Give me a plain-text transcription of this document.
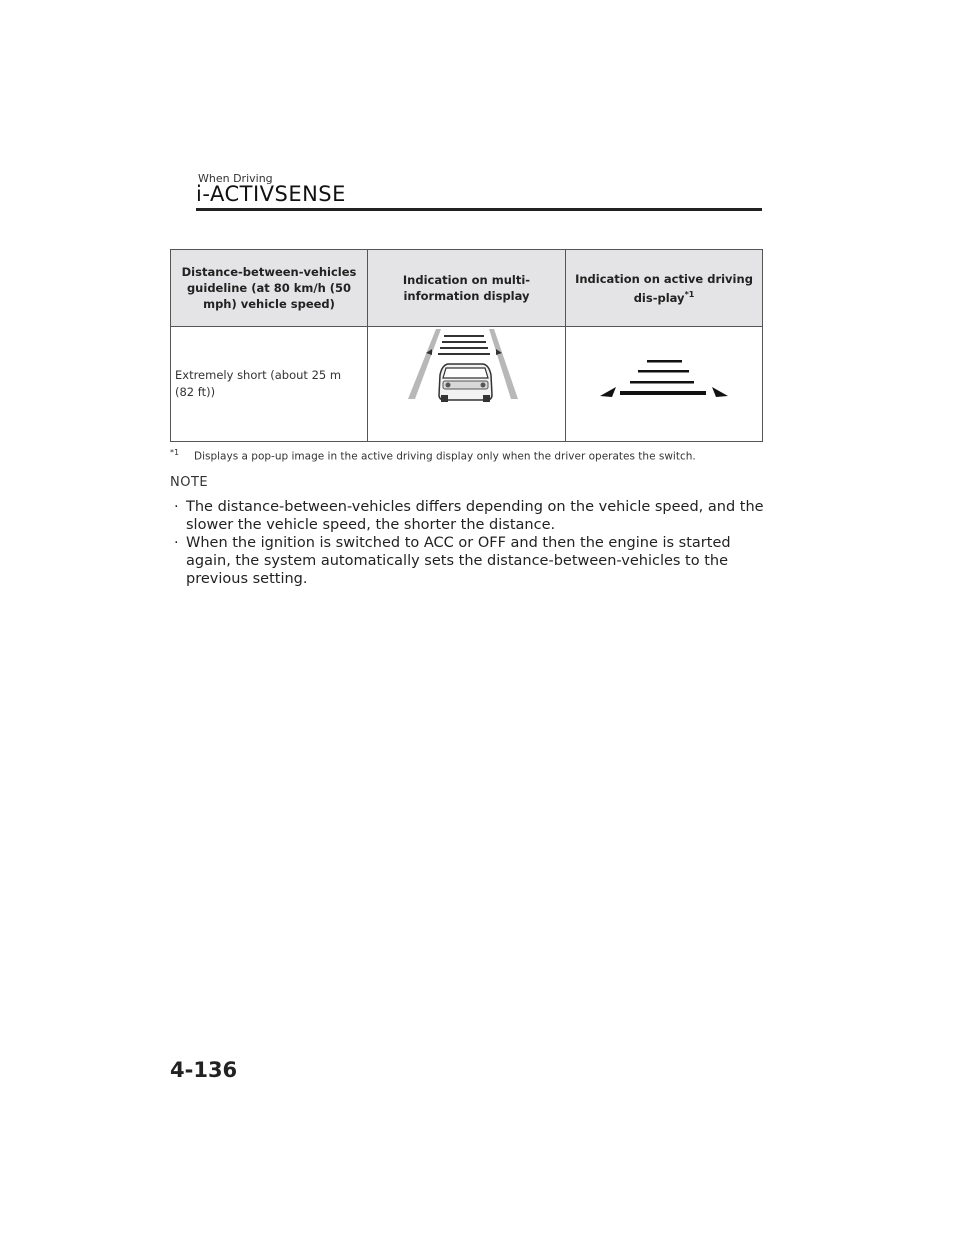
When Driving
i-ACTIVSENSE
Distance-between-vehicles guideline (at 80 km/h (50 mph) vehicle speed)	Indication on multi-information display	Indication on active driving dis-play$^{*1}$
Extremely short (about 25 m (82 ft))		
$^{*1}$ Displays a pop-up image in the active driving display only when the driver operates the switch.
NOTE
· The distance-between-vehicles differs depending on the vehicle speed, and the slower the vehicle speed, the shorter the distance.
· When the ignition is switched to ACC or OFF and then the engine is started again, the system automatically sets the distance-between-vehicles to the previous setting.
4-136
